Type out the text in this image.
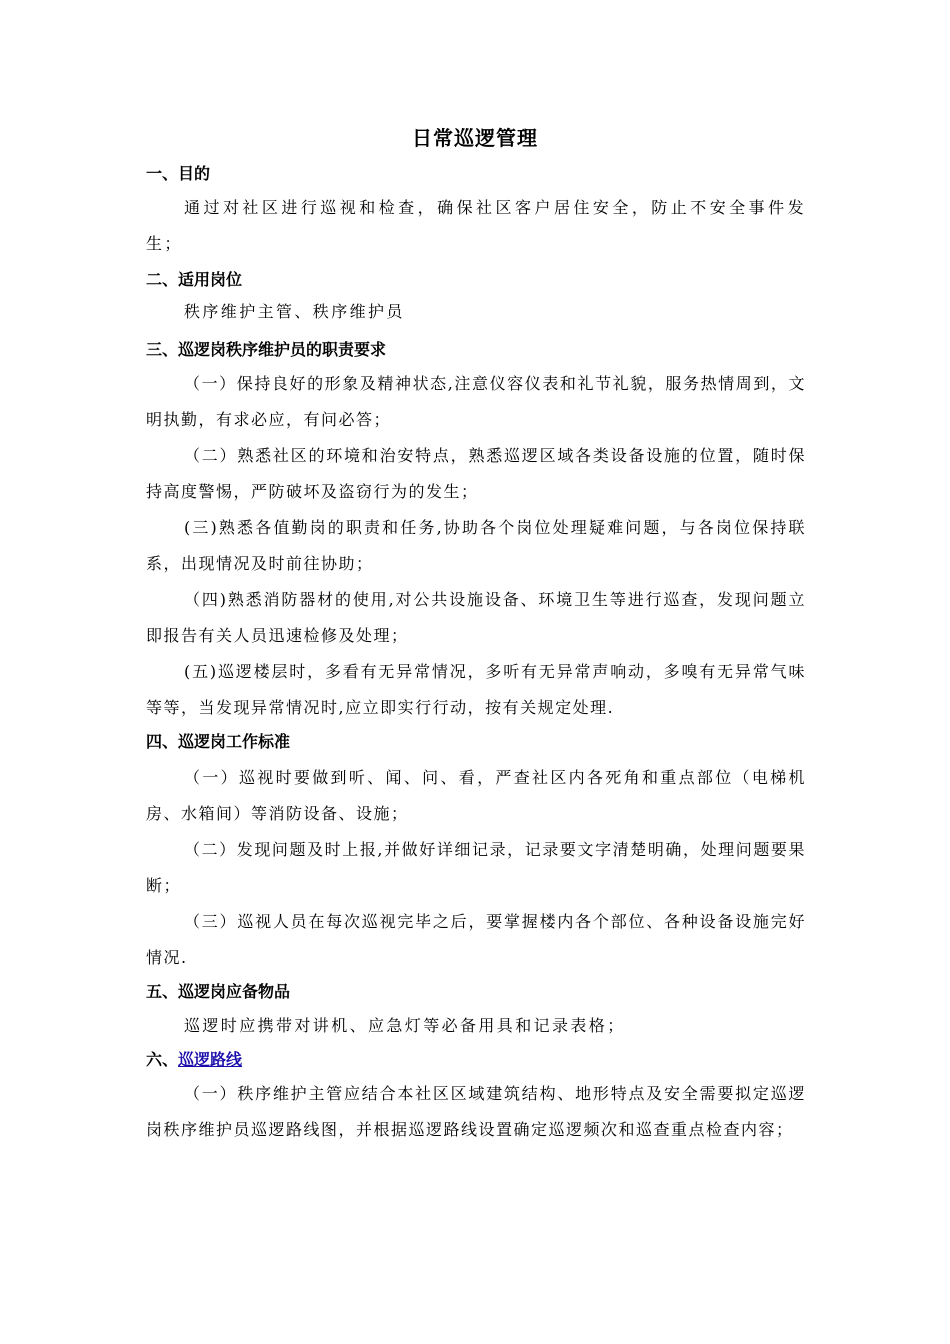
日常巡逻管理
一、目的
通过对社区进行巡视和检查，确保社区客户居住安全，防止不安全事件发生；
二、适用岗位
秩序维护主管、秩序维护员
三、巡逻岗秩序维护员的职责要求
（一）保持良好的形象及精神状态,注意仪容仪表和礼节礼貌，服务热情周到，文明执勤，有求必应，有问必答；
（二）熟悉社区的环境和治安特点，熟悉巡逻区域各类设备设施的位置，随时保持高度警惕，严防破坏及盗窃行为的发生；
(三)熟悉各值勤岗的职责和任务,协助各个岗位处理疑难问题，与各岗位保持联系，出现情况及时前往协助；
（四)熟悉消防器材的使用,对公共设施设备、环境卫生等进行巡查，发现问题立即报告有关人员迅速检修及处理；
(五)巡逻楼层时，多看有无异常情况，多听有无异常声响动，多嗅有无异常气味等等，当发现异常情况时,应立即实行行动，按有关规定处理.
四、巡逻岗工作标准
（一）巡视时要做到听、闻、问、看，严查社区内各死角和重点部位（电梯机房、水箱间）等消防设备、设施；
（二）发现问题及时上报,并做好详细记录，记录要文字清楚明确，处理问题要果断；
（三）巡视人员在每次巡视完毕之后，要掌握楼内各个部位、各种设备设施完好情况.
五、巡逻岗应备物品
巡逻时应携带对讲机、应急灯等必备用具和记录表格；
六、巡逻路线
（一）秩序维护主管应结合本社区区域建筑结构、地形特点及安全需要拟定巡逻岗秩序维护员巡逻路线图，并根据巡逻路线设置确定巡逻频次和巡查重点检查内容；
